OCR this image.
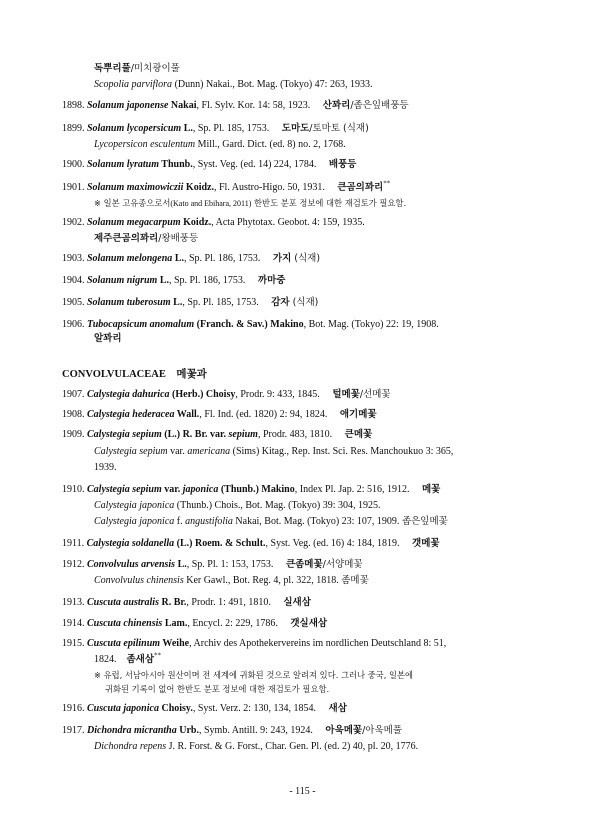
독뿌리풀/미치광이풀
Scopolia parviflora (Dunn) Nakai., Bot. Mag. (Tokyo) 47: 263, 1933.
1898. Solanum japonense Nakai, Fl. Sylv. Kor. 14: 58, 1923. 산꽈리/좁은잎배풍등
1899. Solanum lycopersicum L., Sp. Pl. 185, 1753. 도마도/토마토 (식재)
Lycopersicon esculentum Mill., Gard. Dict. (ed. 8) no. 2, 1768.
1900. Solanum lyratum Thunb., Syst. Veg. (ed. 14) 224, 1784. 배풍등
1901. Solanum maximowiczii Koidz., Fl. Austro-Higo. 50, 1931. 큰곰의꽈리**
※ 일본 고유종으로서(Kato and Ebihara, 2011) 한반도 분포 정보에 대한 재검토가 필요함.
1902. Solanum megacarpum Koidz., Acta Phytotax. Geobot. 4: 159, 1935.
제주큰곰의꽈리/왕배풍등
1903. Solanum melongena L., Sp. Pl. 186, 1753. 가지 (식재)
1904. Solanum nigrum L., Sp. Pl. 186, 1753. 까마중
1905. Solanum tuberosum L., Sp. Pl. 185, 1753. 감자 (식재)
1906. Tubocapsicum anomalum (Franch. & Sav.) Makino, Bot. Mag. (Tokyo) 22: 19, 1908.
알꽈리
CONVOLVULACEAE 메꽃과
1907. Calystegia dahurica (Herb.) Choisy, Prodr. 9: 433, 1845. 털메꽃/선메꽃
1908. Calystegia hederacea Wall., Fl. Ind. (ed. 1820) 2: 94, 1824. 애기메꽃
1909. Calystegia sepium (L.) R. Br. var. sepium, Prodr. 483, 1810. 큰메꽃
Calystegia sepium var. americana (Sims) Kitag., Rep. Inst. Sci. Res. Manchoukuo 3: 365,
1939.
1910. Calystegia sepium var. japonica (Thunb.) Makino, Index Pl. Jap. 2: 516, 1912. 메꽃
Calystegia japonica (Thunb.) Chois., Bot. Mag. (Tokyo) 39: 304, 1925.
Calystegia japonica f. angustifolia Nakai, Bot. Mag. (Tokyo) 23: 107, 1909. 좁은잎메꽃
1911. Calystegia soldanella (L.) Roem. & Schult., Syst. Veg. (ed. 16) 4: 184, 1819. 갯메꽃
1912. Convolvulus arvensis L., Sp. Pl. 1: 153, 1753. 큰좀메꽃/서양메꽃
Convolvulus chinensis Ker Gawl., Bot. Reg. 4, pl. 322, 1818. 좀메꽃
1913. Cuscuta australis R. Br., Prodr. 1: 491, 1810. 실새삼
1914. Cuscuta chinensis Lam., Encycl. 2: 229, 1786. 갯실새삼
1915. Cuscuta epilinum Weihe, Archiv des Apothekervereins im nordlichen Deutschland 8: 51,
1824. 좀새삼**
※ 유럽, 서남아시아 원산이며 전 세계에 귀화된 것으로 알려져 있다. 그러나 중국, 일본에
귀화된 기록이 없어 한반도 분포 정보에 대한 재검토가 필요함.
1916. Cuscuta japonica Choisy., Syst. Verz. 2: 130, 134, 1854. 새삼
1917. Dichondra micrantha Urb., Symb. Antill. 9: 243, 1924. 아욱메꽃/아욱메풀
Dichondra repens J. R. Forst. & G. Forst., Char. Gen. Pl. (ed. 2) 40, pl. 20, 1776.
- 115 -
